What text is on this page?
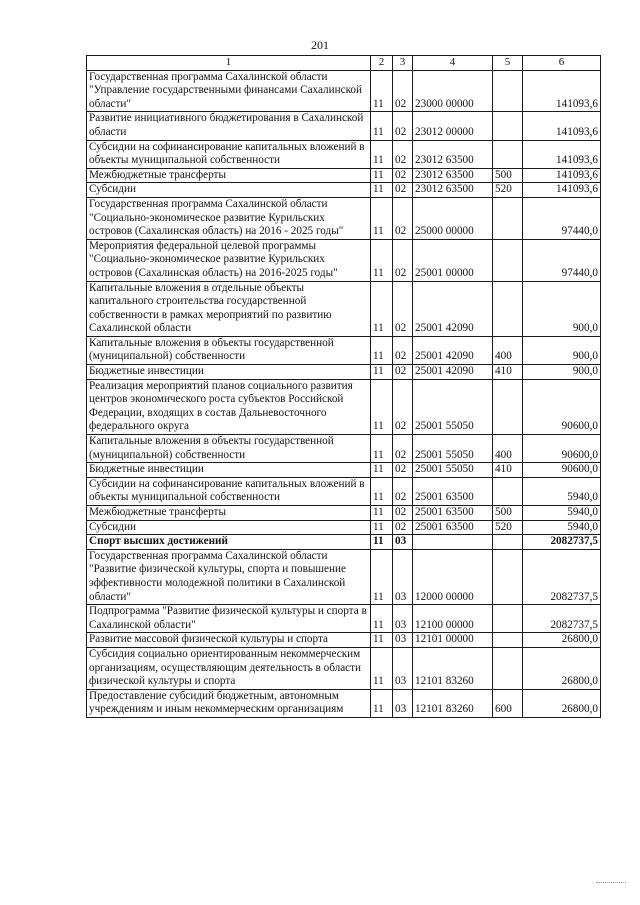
201
1	2	3	4	5	6
Государственная программа Сахалинской области "Управление государственными финансами Сахалинской области"	11	02	23000 00000		141093,6
Развитие инициативного бюджетирования в Сахалинской области	11	02	23012 00000		141093,6
Субсидии на софинансирование капитальных вложений в объекты муниципальной собственности	11	02	23012 63500		141093,6
Межбюджетные трансферты	11	02	23012 63500	500	141093,6
Субсидии	11	02	23012 63500	520	141093,6
Государственная программа Сахалинской области "Социально-экономическое развитие Курильских островов (Сахалинская область) на 2016 - 2025 годы"	11	02	25000 00000		97440,0
Мероприятия федеральной целевой программы "Социально-экономическое развитие Курильских островов (Сахалинская область) на 2016-2025 годы"	11	02	25001 00000		97440,0
Капитальные вложения в отдельные объекты капитального строительства государственной собственности в рамках мероприятий по развитию Сахалинской области	11	02	25001 42090		900,0
Капитальные вложения в объекты государственной (муниципальной) собственности	11	02	25001 42090	400	900,0
Бюджетные инвестиции	11	02	25001 42090	410	900,0
Реализация мероприятий планов социального развития центров экономического роста субъектов Российской Федерации, входящих в состав Дальневосточного федерального округа	11	02	25001 55050		90600,0
Капитальные вложения в объекты государственной (муниципальной) собственности	11	02	25001 55050	400	90600,0
Бюджетные инвестиции	11	02	25001 55050	410	90600,0
Субсидии на софинансирование капитальных вложений в объекты муниципальной собственности	11	02	25001 63500		5940,0
Межбюджетные трансферты	11	02	25001 63500	500	5940,0
Субсидии	11	02	25001 63500	520	5940,0
Спорт высших достижений	11	03			2082737,5
Государственная программа Сахалинской области "Развитие физической культуры, спорта и повышение эффективности молодежной политики в Сахалинской области"	11	03	12000 00000		2082737,5
Подпрограмма "Развитие физической культуры и спорта в Сахалинской области"	11	03	12100 00000		2082737,5
Развитие массовой физической культуры и спорта	11	03	12101 00000		26800,0
Субсидия социально ориентированным некоммерческим организациям, осуществляющим деятельность в области физической культуры и спорта	11	03	12101 83260		26800,0
Предоставление субсидий бюджетным, автономным учреждениям и иным некоммерческим организациям	11	03	12101 83260	600	26800,0
